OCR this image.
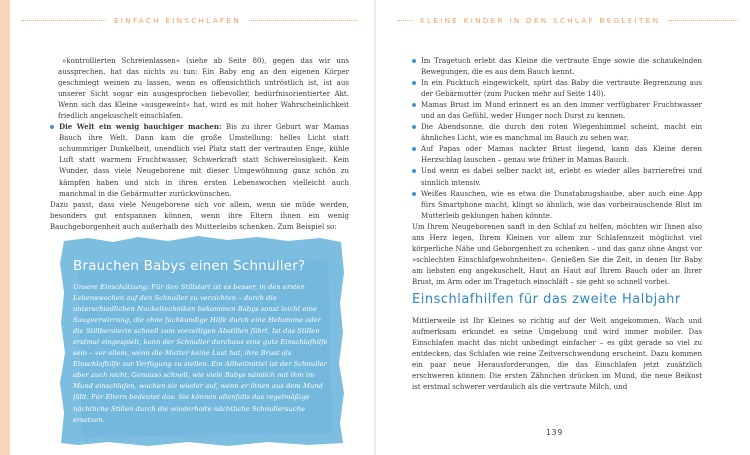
EINFACH EINSCHLAFEN	KLEINE KINDER IN DEN SCHLAF BEGLEITEN

»kontrollierten Schreienlassen« (siehe ab Seite 80), gegen das wir uns aussprechen, hat das nichts zu tun: Ein Baby eng an den eigenen Körper geschmiegt weinen zu lassen, wenn es offensichtlich untröstlich ist, ist aus unserer Sicht sogar ein ausgesprochen liebevoller, bedürfnisorientierter Akt. Wenn sich das Kleine »ausgeweint« hat, wird es mit hoher Wahrscheinlichkeit friedlich angekuschelt einschlafen.

Die Welt ein wenig bauchiger machen: Bis zu ihrer Geburt war Mamas Bauch ihre Welt. Dann kam die große Umstellung: helles Licht statt schummriger Dunkelheit, unendlich viel Platz statt der vertrauten Enge, kühle Luft statt warmem Fruchtwasser, Schwerkraft statt Schwerelosigkeit. Kein Wunder, dass viele Neugeborene mit dieser Umgewöhnung ganz schön zu kämpfen haben und sich in ihren ersten Lebenswochen vielleicht auch manchmal in die Gebärmutter zurückwünschen.

Dazu passt, dass viele Neugeborene sich vor allem, wenn sie müde werden, besonders gut entspannen können, wenn ihre Eltern ihnen ein wenig Bauchgeborgenheit auch außerhalb des Mutterleibs schenken. Zum Beispiel so:

Brauchen Babys einen Schnuller?
Unsere Einschätzung: Für den Stillstart ist es besser, in den ersten Lebenswochen auf den Schnuller zu verzichten – durch die unterschiedlichen Nuckeltechniken bekommen Babys sonst leicht eine Saugverwirrung, die ohne fachkundige Hilfe durch eine Hebamme oder die Stillberaterin schnell zum vorzeitigen Abstillen führt. Ist das Stillen erstmal eingespielt, kann der Schnuller durchaus eine gute Einschlafhilfe sein – vor allem, wenn die Mutter keine Lust hat, ihre Brust als Einschlafhilfe zur Verfügung zu stellen. Ein Allheilmittel ist der Schnuller aber auch nicht. Genauso schnell, wie viele Babys nämlich mit ihm im Mund einschlafen, wachen sie wieder auf, wenn er ihnen aus dem Mund fällt. Für Eltern bedeutet das: Sie können allenfalls das regelmäßige nächtliche Stillen durch die wiederholte nächtliche Schnullersuche ersetzen.
Im Tragetuch erlebt das Kleine die vertraute Enge sowie die schaukelnden Bewegungen, die es aus dem Bauch kennt.
In ein Pucktuch eingewickelt, spürt das Baby die vertraute Begrenzung aus der Gebärmutter (zum Pucken mehr auf Seite 140).
Mamas Brust im Mund erinnert es an den immer verfügbarer Fruchtwasser und an das Gefühl, weder Hunger noch Durst zu kennen.
Die Abendsonne, die durch den roten Wiegenhimmel scheint, macht ein ähnliches Licht, wie es manchmal im Bauch zu sehen war.
Auf Papas oder Mamas nackter Brust liegend, kann das Kleine deren Herzschlag lauschen – genau wie früher in Mamas Bauch.
Und wenn es dabei selber nackt ist, erlebt es wieder alles barrierefrei und sinnlich intensiv.
Weißes Rauschen, wie es etwa die Dunstabzugshaube, aber auch eine App fürs Smartphone macht, klingt so ähnlich, wie das vorbeirauschende Blut im Mutterleib geklungen haben könnte.

Um Ihrem Neugeborenen sanft in den Schlaf zu helfen, möchten wir Ihnen also ans Herz legen, Ihrem Kleinen vor allem zur Schlafenszeit möglichst viel körperliche Nähe und Geborgenheit zu schenken – und das ganz ohne Angst vor »schlechten Einschlafgewohnheiten«. Genießen Sie die Zeit, in denen Ihr Baby am liebsten eng angekuschelt, Haut an Haut auf Ihrem Bauch oder an Ihrer Brust, im Arm oder im Tragetuch einschläft – sie geht so schnell vorbei.

Einschlafhilfen für das zweite Halbjahr

Mittlerweile ist Ihr Kleines so richtig auf der Welt angekommen. Wach und aufmerksam erkundet es seine Umgebung und wird immer mobiler. Das Einschlafen macht das nicht unbedingt einfacher – es gibt gerade so viel zu entdecken, das Schlafen wie reine Zeitverschwendung erscheint. Dazu kommen ein paar neue Herausforderungen, die das Einschlafen jetzt zusätzlich erschweren können: Die ersten Zähnchen drücken im Mund, die neue Beikost ist erstmal schwerer verdaulich als die vertraute Milch, und

139
